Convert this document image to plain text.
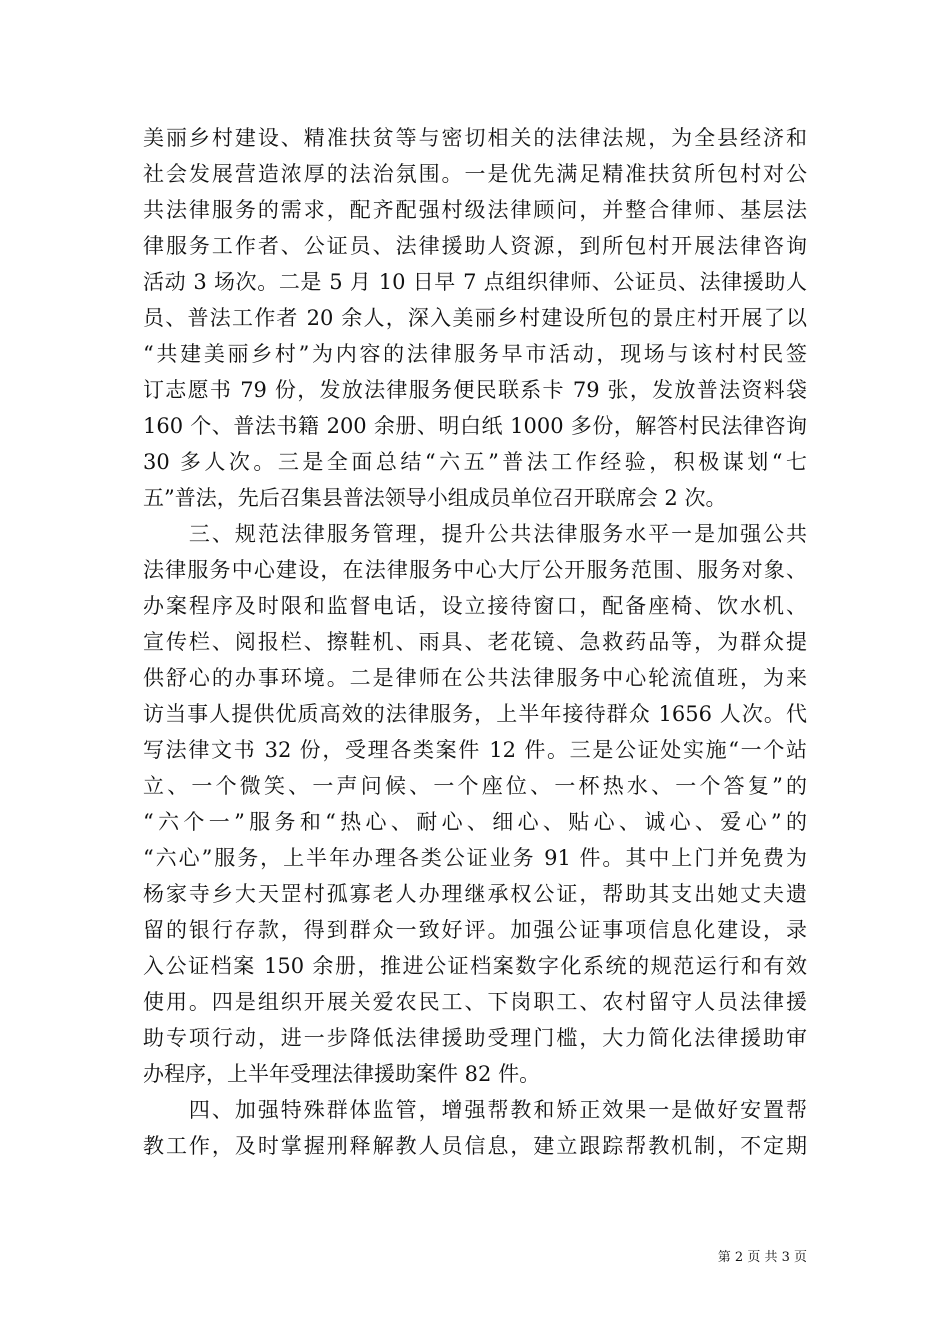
美丽乡村建设、精准扶贫等与密切相关的法律法规，为全县经济和
社会发展营造浓厚的法治氛围。一是优先满足精准扶贫所包村对公
共法律服务的需求，配齐配强村级法律顾问，并整合律师、基层法
律服务工作者、公证员、法律援助人资源，到所包村开展法律咨询
活动 3 场次。二是 5 月 10 日早 7 点组织律师、公证员、法律援助人
员、普法工作者 20 余人，深入美丽乡村建设所包的景庄村开展了以
“共建美丽乡村”为内容的法律服务早市活动，现场与该村村民签
订志愿书 79 份，发放法律服务便民联系卡 79 张，发放普法资料袋
160 个、普法书籍 200 余册、明白纸 1000 多份，解答村民法律咨询
30 多人次。三是全面总结“六五”普法工作经验，积极谋划“七
五”普法，先后召集县普法领导小组成员单位召开联席会 2 次。
　　三、规范法律服务管理，提升公共法律服务水平一是加强公共
法律服务中心建设，在法律服务中心大厅公开服务范围、服务对象、
办案程序及时限和监督电话，设立接待窗口，配备座椅、饮水机、
宣传栏、阅报栏、擦鞋机、雨具、老花镜、急救药品等，为群众提
供舒心的办事环境。二是律师在公共法律服务中心轮流值班，为来
访当事人提供优质高效的法律服务，上半年接待群众 1656 人次。代
写法律文书 32 份，受理各类案件 12 件。三是公证处实施“一个站
立、一个微笑、一声问候、一个座位、一杯热水、一个答复”的
“六个一”服务和“热心、耐心、细心、贴心、诚心、爱心”的
“六心”服务，上半年办理各类公证业务 91 件。其中上门并免费为
杨家寺乡大天罡村孤寡老人办理继承权公证，帮助其支出她丈夫遗
留的银行存款，得到群众一致好评。加强公证事项信息化建设，录
入公证档案 150 余册，推进公证档案数字化系统的规范运行和有效
使用。四是组织开展关爱农民工、下岗职工、农村留守人员法律援
助专项行动，进一步降低法律援助受理门槛，大力简化法律援助审
办程序，上半年受理法律援助案件 82 件。
　　四、加强特殊群体监管，增强帮教和矫正效果一是做好安置帮
教工作，及时掌握刑释解教人员信息，建立跟踪帮教机制，不定期
第 2 页 共 3 页
